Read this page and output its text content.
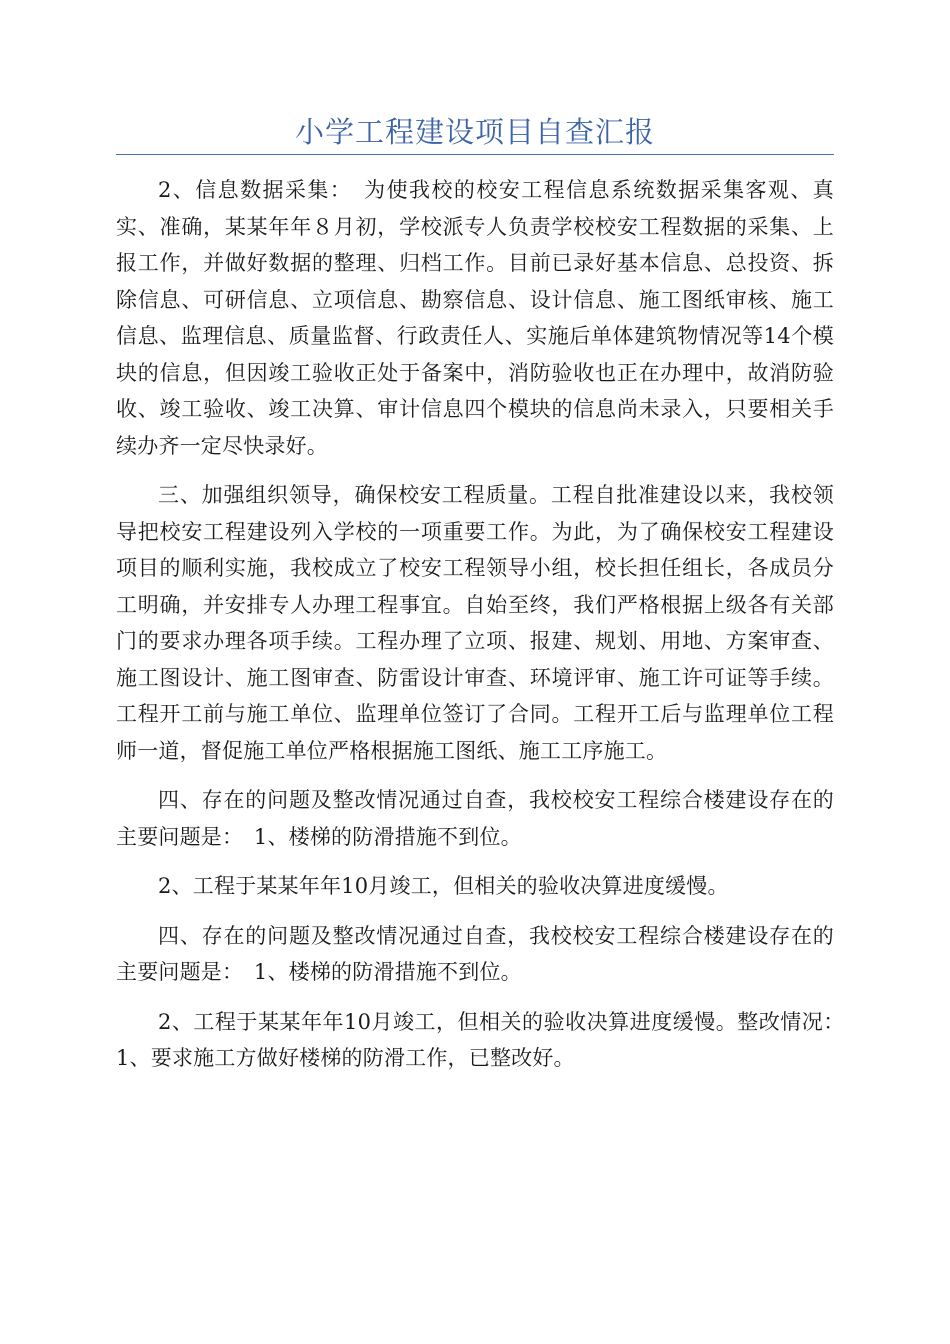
小学工程建设项目自查汇报

2、信息数据采集：　为使我校的校安工程信息系统数据采集客观、真实、准确，某某年年８月初，学校派专人负责学校校安工程数据的采集、上报工作，并做好数据的整理、归档工作。目前已录好基本信息、总投资、拆除信息、可研信息、立项信息、勘察信息、设计信息、施工图纸审核、施工信息、监理信息、质量监督、行政责任人、实施后单体建筑物情况等14个模块的信息，但因竣工验收正处于备案中，消防验收也正在办理中，故消防验收、竣工验收、竣工决算、审计信息四个模块的信息尚未录入，只要相关手续办齐一定尽快录好。

三、加强组织领导，确保校安工程质量。工程自批准建设以来，我校领导把校安工程建设列入学校的一项重要工作。为此，为了确保校安工程建设项目的顺利实施，我校成立了校安工程领导小组，校长担任组长，各成员分工明确，并安排专人办理工程事宜。自始至终，我们严格根据上级各有关部门的要求办理各项手续。工程办理了立项、报建、规划、用地、方案审查、施工图设计、施工图审查、防雷设计审查、环境评审、施工许可证等手续。工程开工前与施工单位、监理单位签订了合同。工程开工后与监理单位工程师一道，督促施工单位严格根据施工图纸、施工工序施工。

四、存在的问题及整改情况通过自查，我校校安工程综合楼建设存在的主要问题是：　1、楼梯的防滑措施不到位。

2、工程于某某年年10月竣工，但相关的验收决算进度缓慢。

四、存在的问题及整改情况通过自查，我校校安工程综合楼建设存在的主要问题是：　1、楼梯的防滑措施不到位。

2、工程于某某年年10月竣工，但相关的验收决算进度缓慢。整改情况：　1、要求施工方做好楼梯的防滑工作，已整改好。
